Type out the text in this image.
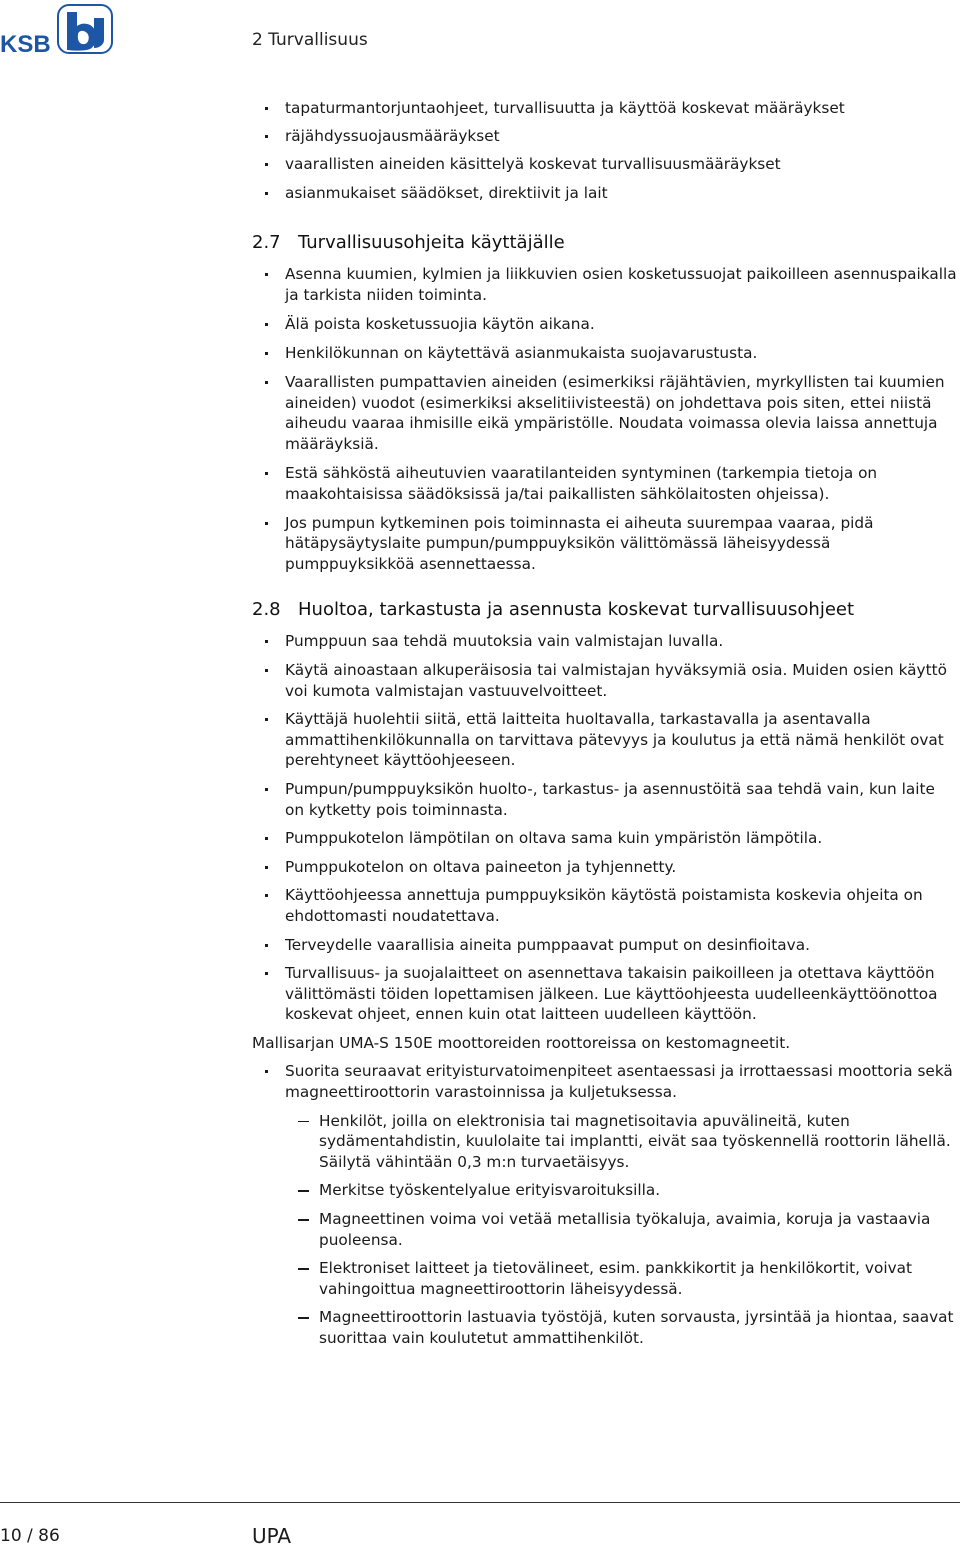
KSB	2 Turvallisuus
tapaturmantorjuntaohjeet, turvallisuutta ja käyttöä koskevat määräykset
räjähdyssuojausmääräykset
vaarallisten aineiden käsittelyä koskevat turvallisuusmääräykset
asianmukaiset säädökset, direktiivit ja lait
2.7 Turvallisuusohjeita käyttäjälle
Asenna kuumien, kylmien ja liikkuvien osien kosketussuojat paikoilleen asennuspaikalla ja tarkista niiden toiminta.
Älä poista kosketussuojia käytön aikana.
Henkilökunnan on käytettävä asianmukaista suojavarustusta.
Vaarallisten pumpattavien aineiden (esimerkiksi räjähtävien, myrkyllisten tai kuumien aineiden) vuodot (esimerkiksi akselitiivisteestä) on johdettava pois siten, ettei niistä aiheudu vaaraa ihmisille eikä ympäristölle. Noudata voimassa olevia laissa annettuja määräyksiä.
Estä sähköstä aiheutuvien vaaratilanteiden syntyminen (tarkempia tietoja on maakohtaisissa säädöksissä ja/tai paikallisten sähkölaitosten ohjeissa).
Jos pumpun kytkeminen pois toiminnasta ei aiheuta suurempaa vaaraa, pidä hätäpysäytyslaite pumpun/pumppuyksikön välittömässä läheisyydessä pumppuyksikköä asennettaessa.
2.8 Huoltoa, tarkastusta ja asennusta koskevat turvallisuusohjeet
Pumppuun saa tehdä muutoksia vain valmistajan luvalla.
Käytä ainoastaan alkuperäisosia tai valmistajan hyväksymiä osia. Muiden osien käyttö voi kumota valmistajan vastuuvelvoitteet.
Käyttäjä huolehtii siitä, että laitteita huoltavalla, tarkastavalla ja asentavalla ammattihenkilökunnalla on tarvittava pätevyys ja koulutus ja että nämä henkilöt ovat perehtyneet käyttöohjeeseen.
Pumpun/pumppuyksikön huolto-, tarkastus- ja asennustöitä saa tehdä vain, kun laite on kytketty pois toiminnasta.
Pumppukotelon lämpötilan on oltava sama kuin ympäristön lämpötila.
Pumppukotelon on oltava paineeton ja tyhjennetty.
Käyttöohjeessa annettuja pumppuyksikön käytöstä poistamista koskevia ohjeita on ehdottomasti noudatettava.
Terveydelle vaarallisia aineita pumppaavat pumput on desinfioitava.
Turvallisuus- ja suojalaitteet on asennettava takaisin paikoilleen ja otettava käyttöön välittömästi töiden lopettamisen jälkeen. Lue käyttöohjeesta uudelleenkäyttöönottoa koskevat ohjeet, ennen kuin otat laitteen uudelleen käyttöön.
Mallisarjan UMA-S 150E moottoreiden roottoreissa on kestomagneetit.
Suorita seuraavat erityisturvatoimenpiteet asentaessasi ja irrottaessasi moottoria sekä magneettiroottorin varastoinnissa ja kuljetuksessa.
Henkilöt, joilla on elektronisia tai magnetisoitavia apuvälineitä, kuten sydämentahdistin, kuulolaite tai implantti, eivät saa työskennellä roottorin lähellä. Säilytä vähintään 0,3 m:n turvaetäisyys.
Merkitse työskentelyalue erityisvaroituksilla.
Magneettinen voima voi vetää metallisia työkaluja, avaimia, koruja ja vastaavia puoleensa.
Elektroniset laitteet ja tietovälineet, esim. pankkikortit ja henkilökortit, voivat vahingoittua magneettiroottorin läheisyydessä.
Magneettiroottorin lastuavia työstöjä, kuten sorvausta, jyrsintää ja hiontaa, saavat suorittaa vain koulutetut ammattihenkilöt.
10 / 86	UPA
